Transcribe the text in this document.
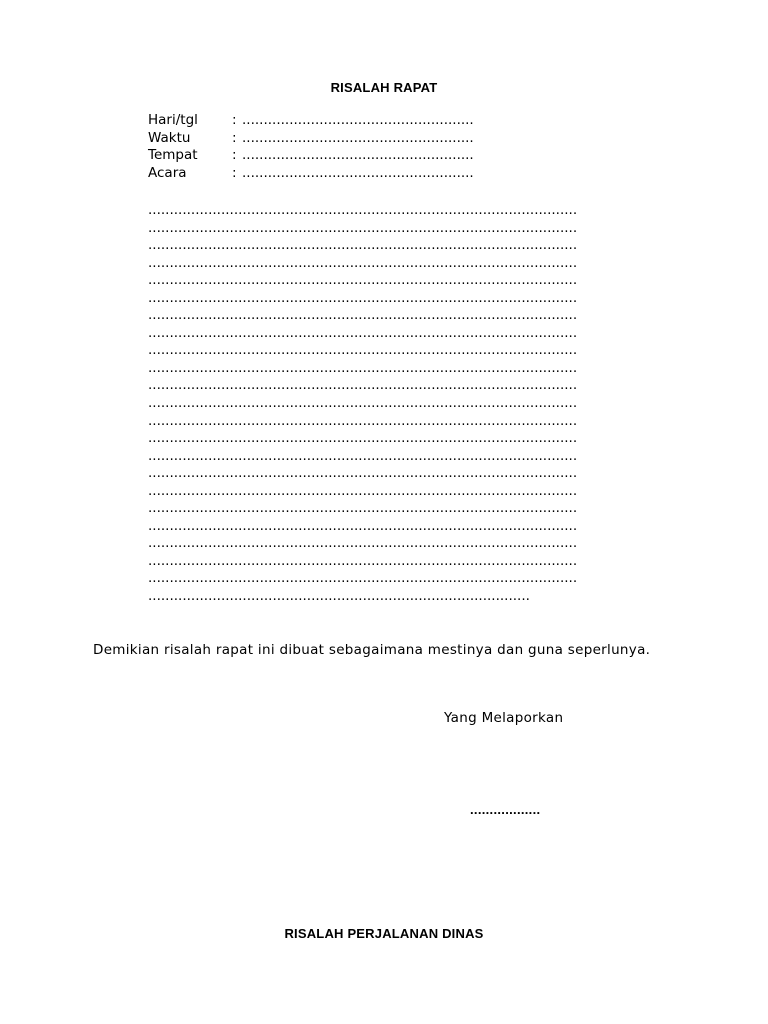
RISALAH RAPAT
Hari/tgl	: ......................................................
Waktu	: ......................................................
Tempat	: ......................................................
Acara	: ......................................................
....................................................................................................
....................................................................................................
....................................................................................................
....................................................................................................
....................................................................................................
....................................................................................................
....................................................................................................
....................................................................................................
....................................................................................................
....................................................................................................
....................................................................................................
....................................................................................................
....................................................................................................
....................................................................................................
....................................................................................................
....................................................................................................
....................................................................................................
....................................................................................................
....................................................................................................
....................................................................................................
....................................................................................................
....................................................................................................
.........................................................................................
Demikian risalah rapat ini dibuat sebagaimana mestinya dan guna seperlunya.
Yang Melaporkan
..................
RISALAH PERJALANAN DINAS
